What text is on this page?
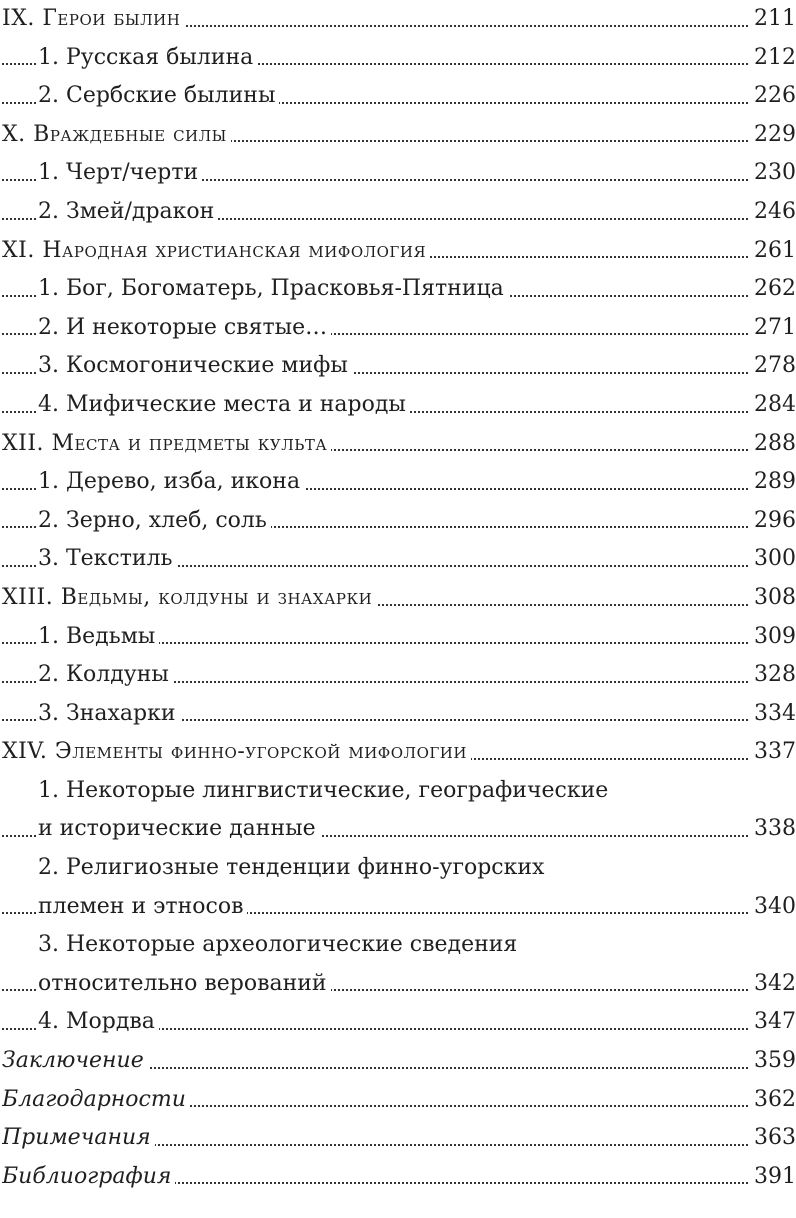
IX. Герои былин	211
1. Русская былина	212
2. Сербские былины	226
X. Враждебные силы	229
1. Черт/черти	230
2. Змей/дракон	246
XI. Народная христианская мифология	261
1. Бог, Богоматерь, Прасковья-Пятница	262
2. И некоторые святые…	271
3. Космогонические мифы	278
4. Мифические места и народы	284
XII. Места и предметы культа	288
1. Дерево, изба, икона	289
2. Зерно, хлеб, соль	296
3. Текстиль	300
XIII. Ведьмы, колдуны и знахарки	308
1. Ведьмы	309
2. Колдуны	328
3. Знахарки	334
XIV. Элементы финно-угорской мифологии	337
1. Некоторые лингвистические, географические
и исторические данные	338
2. Религиозные тенденции финно-угорских
племен и этносов	340
3. Некоторые археологические сведения
относительно верований	342
4. Мордва	347
Заключение	359
Благодарности	362
Примечания	363
Библиография	391
